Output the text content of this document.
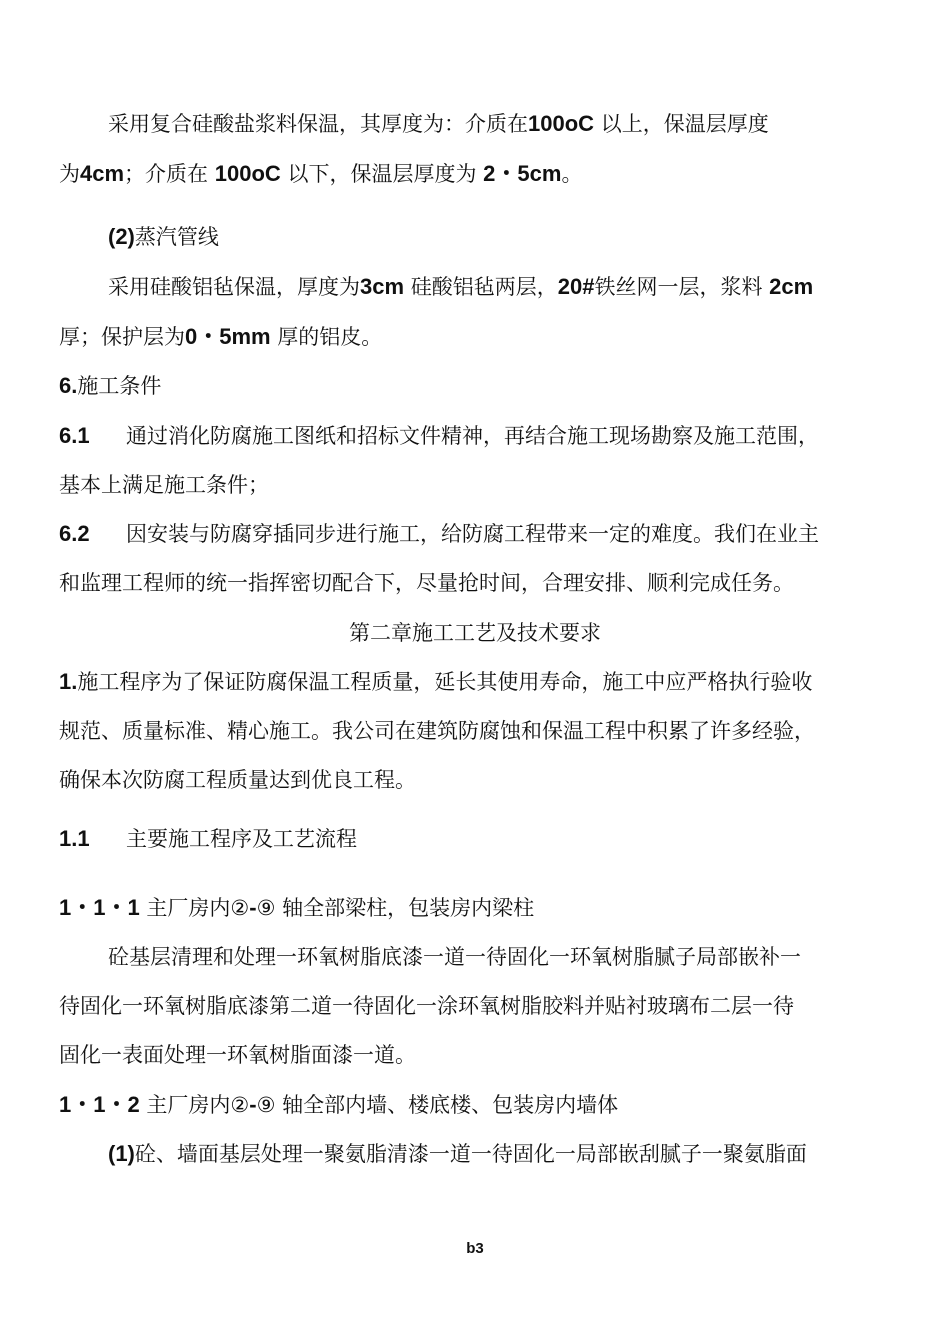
采用复合硅酸盐浆料保温，其厚度为：介质在100oC 以上，保温层厚度
为4cm；介质在 100oC 以下，保温层厚度为 2・5cm。
(2)蒸汽管线
采用硅酸铝毡保温，厚度为3cm 硅酸铝毡两层，20#铁丝网一层，浆料 2cm
厚；保护层为0・5mm 厚的铝皮。
6.施工条件
6.1 通过消化防腐施工图纸和招标文件精神，再结合施工现场勘察及施工范围，
基本上满足施工条件；
6.2 因安装与防腐穿插同步进行施工，给防腐工程带来一定的难度。我们在业主
和监理工程师的统一指挥密切配合下，尽量抢时间，合理安排、顺利完成任务。
第二章施工工艺及技术要求
1.施工程序为了保证防腐保温工程质量，延长其使用寿命，施工中应严格执行验收
规范、质量标准、精心施工。我公司在建筑防腐蚀和保温工程中积累了许多经验，
确保本次防腐工程质量达到优良工程。
1.1 主要施工程序及工艺流程
1・1・1 主厂房内②-⑨ 轴全部梁柱，包装房内梁柱
砼基层清理和处理一环氧树脂底漆一道一待固化一环氧树脂腻子局部嵌补一
待固化一环氧树脂底漆第二道一待固化一涂环氧树脂胶料并贴衬玻璃布二层一待
固化一表面处理一环氧树脂面漆一道。
1・1・2 主厂房内②-⑨ 轴全部内墙、楼底楼、包装房内墙体
(1)砼、墙面基层处理一聚氨脂清漆一道一待固化一局部嵌刮腻子一聚氨脂面
b3
